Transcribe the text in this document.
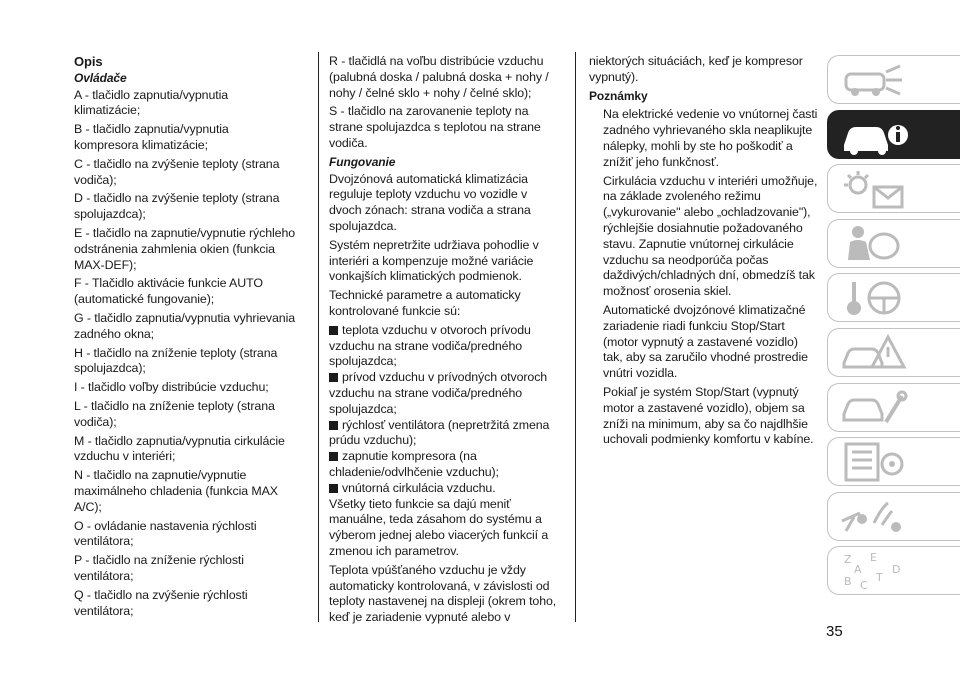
Opis
Ovládače
A - tlačidlo zapnutia/vypnutia klimatizácie;
B - tlačidlo zapnutia/vypnutia kompresora klimatizácie;
C - tlačidlo na zvýšenie teploty (strana vodiča);
D - tlačidlo na zvýšenie teploty (strana spolujazdca);
E - tlačidlo na zapnutie/vypnutie rýchleho odstránenia zahmlenia okien (funkcia MAX-DEF);
F - Tlačidlo aktivácie funkcie AUTO (automatické fungovanie);
G - tlačidlo zapnutia/vypnutia vyhrievania zadného okna;
H - tlačidlo na zníženie teploty (strana spolujazdca);
I - tlačidlo voľby distribúcie vzduchu;
L - tlačidlo na zníženie teploty (strana vodiča);
M - tlačidlo zapnutia/vypnutia cirkulácie vzduchu v interiéri;
N - tlačidlo na zapnutie/vypnutie maximálneho chladenia (funkcia MAX A/C);
O - ovládanie nastavenia rýchlosti ventilátora;
P - tlačidlo na zníženie rýchlosti ventilátora;
Q - tlačidlo na zvýšenie rýchlosti ventilátora;
R - tlačidlá na voľbu distribúcie vzduchu (palubná doska / palubná doska + nohy / nohy / čelné sklo + nohy / čelné sklo);
S - tlačidlo na zarovanenie teploty na strane spolujazdca s teplotou na strane vodiča.
Fungovanie
Dvojzónová automatická klimatizácia reguluje teploty vzduchu vo vozidle v dvoch zónach: strana vodiča a strana spolujazdca.
Systém nepretržite udržiava pohodlie v interiéri a kompenzuje možné variácie vonkajších klimatických podmienok.
Technické parametre a automaticky kontrolované funkcie sú:
teplota vzduchu v otvoroch prívodu vzduchu na strane vodiča/predného spolujazdca;
prívod vzduchu v prívodných otvoroch vzduchu na strane vodiča/predného spolujazdca;
rýchlosť ventilátora (nepretržitá zmena prúdu vzduchu);
zapnutie kompresora (na chladenie/odvlhčenie vzduchu);
vnútorná cirkulácia vzduchu.
Všetky tieto funkcie sa dajú meniť manuálne, teda zásahom do systému a výberom jednej alebo viacerých funkcií a zmenou ich parametrov.
Teplota vpúšťaného vzduchu je vždy automaticky kontrolovaná, v závislosti od teploty nastavenej na displeji (okrem toho, keď je zariadenie vypnuté alebo v
niektorých situáciách, keď je kompresor vypnutý).
Poznámky
Na elektrické vedenie vo vnútornej časti zadného vyhrievaného skla neaplikujte nálepky, mohli by ste ho poškodiť a znížiť jeho funkčnosť.
Cirkulácia vzduchu v interiéri umožňuje, na základe zvoleného režimu („vykurovanie" alebo „ochladzovanie"), rýchlejšie dosiahnutie požadovaného stavu. Zapnutie vnútornej cirkulácie vzduchu sa neodporúča počas daždivých/chladných dní, obmedzíš tak možnosť orosenia skiel.
Automatické dvojzónové klimatizačné zariadenie riadi funkciu Stop/Start (motor vypnutý a zastavené vozidlo) tak, aby sa zaručilo vhodné prostredie vnútri vozidla.
Pokiaľ je systém Stop/Start (vypnutý motor a zastavené vozidlo), objem sa zníži na minimum, aby sa čo najdlhšie uchovali podmienky komfortu v kabíne.
Z E
A
B C
T
D
35
